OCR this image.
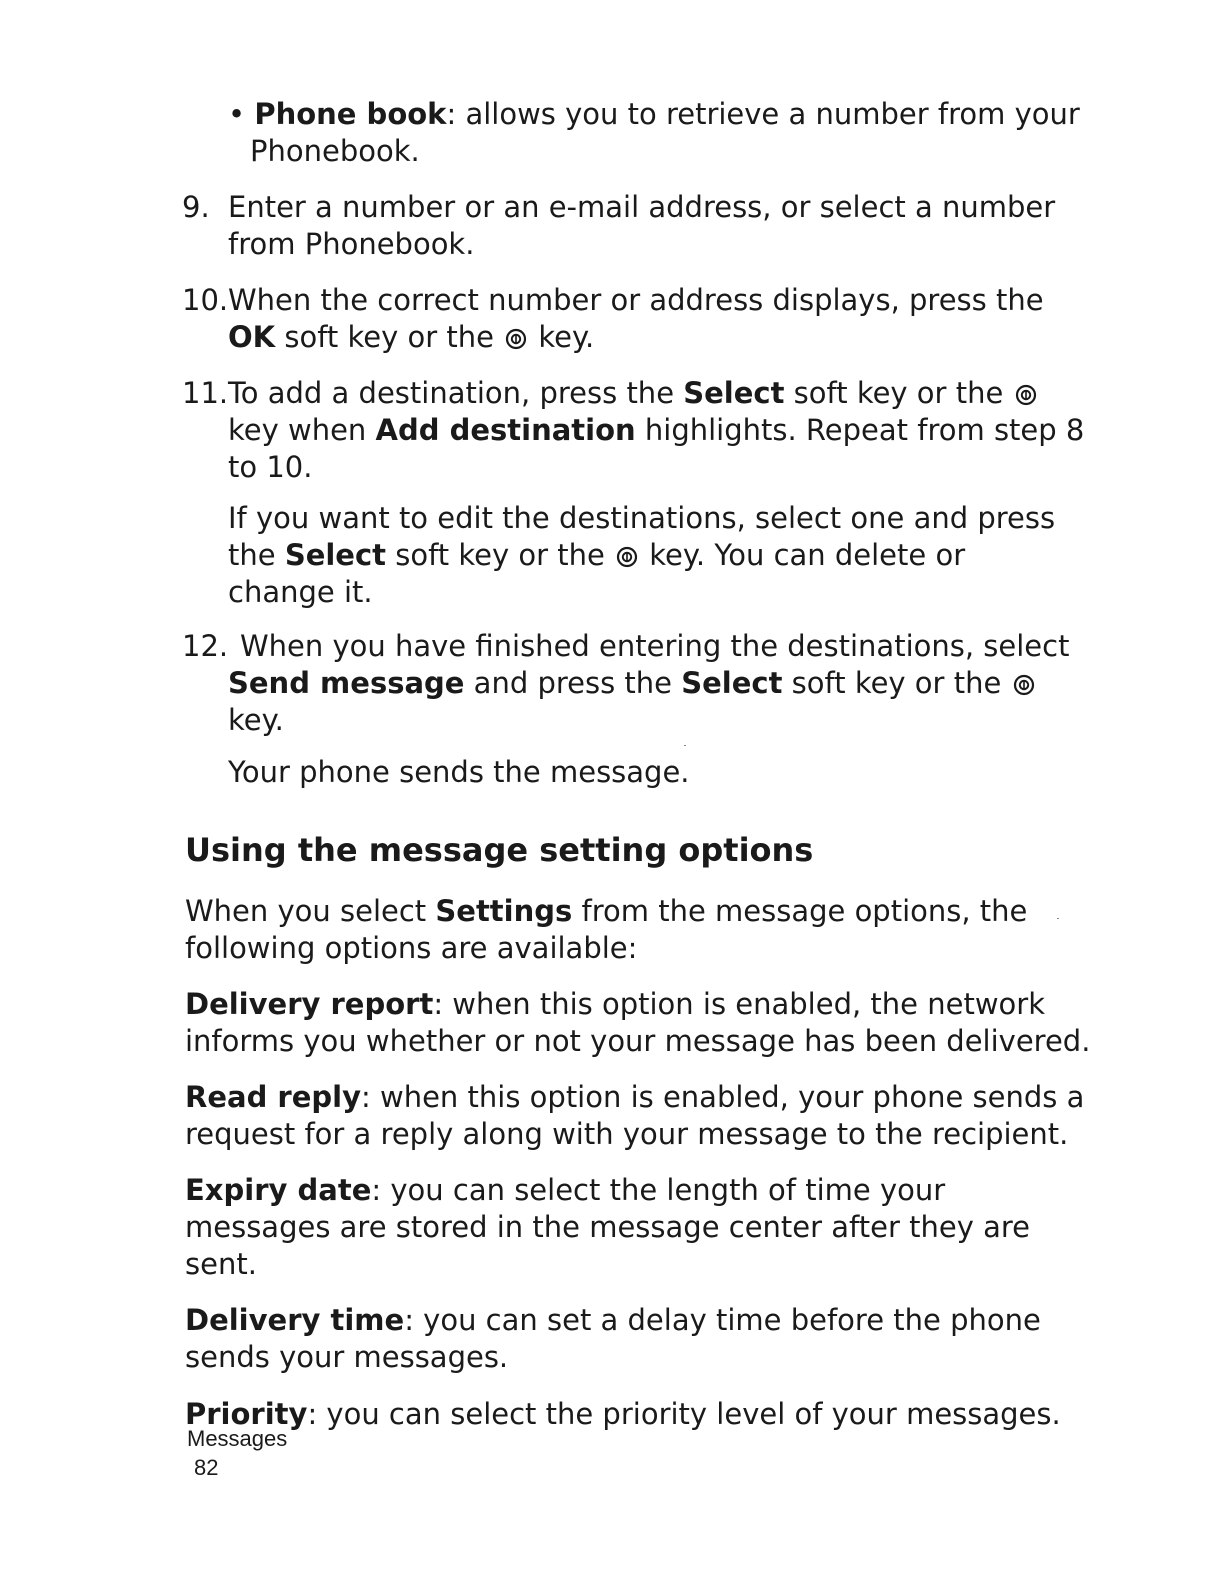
• Phone book: allows you to retrieve a number from your
Phonebook.
9. Enter a number or an e-mail address, or select a number
from Phonebook.
10.When the correct number or address displays, press the
OK soft key or the  key.
11.To add a destination, press the Select soft key or the
key when Add destination highlights. Repeat from step 8
to 10.
If you want to edit the destinations, select one and press
the Select soft key or the  key. You can delete or
change it.
12. When you have finished entering the destinations, select
Send message and press the Select soft key or the
key.
Your phone sends the message.
Using the message setting options
When you select Settings from the message options, the
following options are available:
Delivery report: when this option is enabled, the network
informs you whether or not your message has been delivered.
Read reply: when this option is enabled, your phone sends a
request for a reply along with your message to the recipient.
Expiry date: you can select the length of time your
messages are stored in the message center after they are
sent.
Delivery time: you can set a delay time before the phone
sends your messages.
Priority: you can select the priority level of your messages.
Messages
82
